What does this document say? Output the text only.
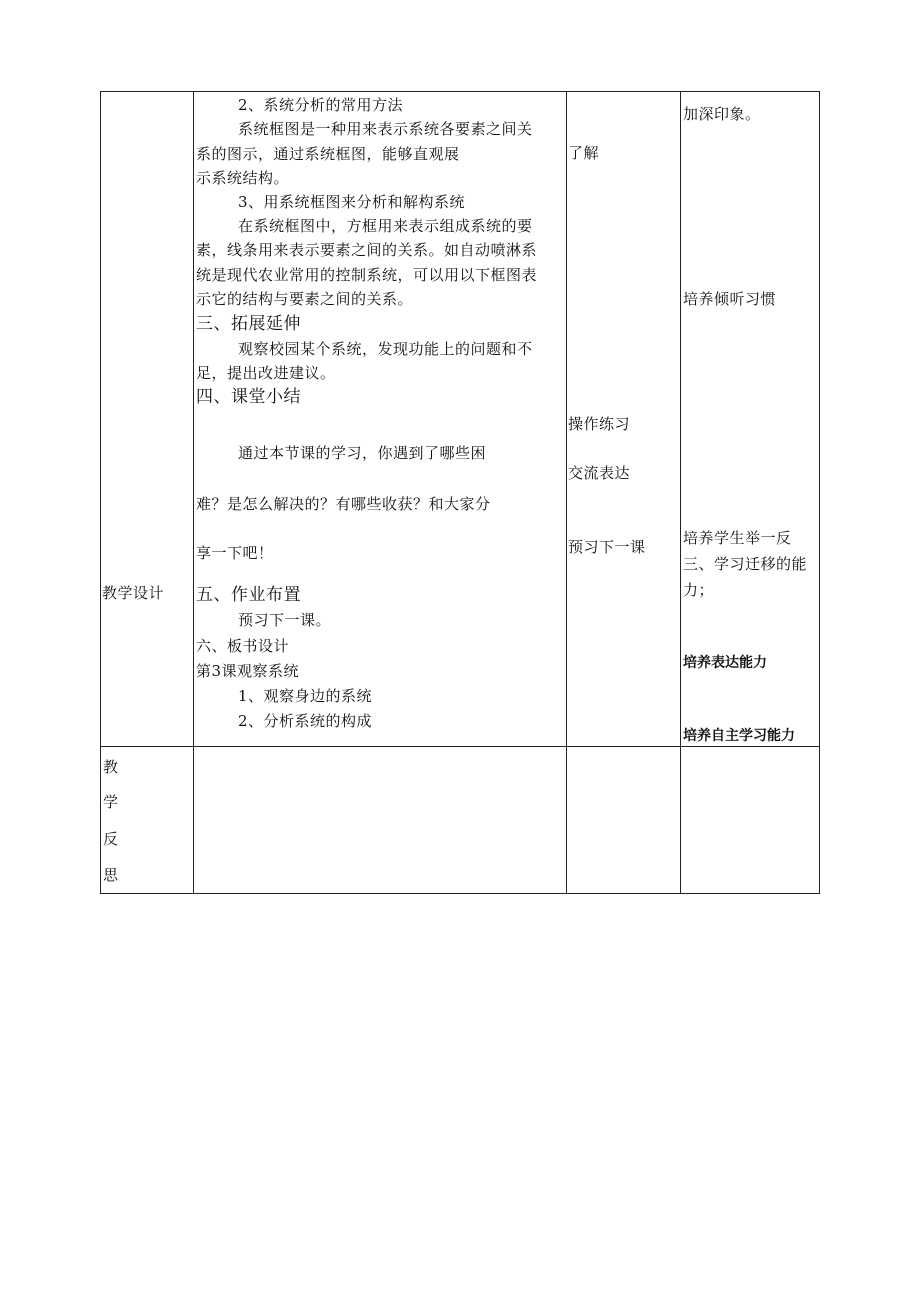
教学设计
2、系统分析的常用方法
系统框图是一种用来表示系统各要素之间关
系的图示，通过系统框图，能够直观展
示系统结构。
3、用系统框图来分析和解构系统
在系统框图中，方框用来表示组成系统的要
素，线条用来表示要素之间的关系。如自动喷淋系
统是现代农业常用的控制系统，可以用以下框图表
示它的结构与要素之间的关系。
三、拓展延伸
观察校园某个系统，发现功能上的问题和不
足，提出改进建议。
四、课堂小结
通过本节课的学习，你遇到了哪些困
难？是怎么解决的？有哪些收获？和大家分
享一下吧！
五、作业布置
预习下一课。
六、板书设计
第3课观察系统
1、观察身边的系统
2、分析系统的构成
了解
操作练习
交流表达
预习下一课
加深印象。
培养倾听习惯
培养学生举一反
三、学习迁移的能
力；
培养表达能力
培养自主学习能力
教
学
反
思
